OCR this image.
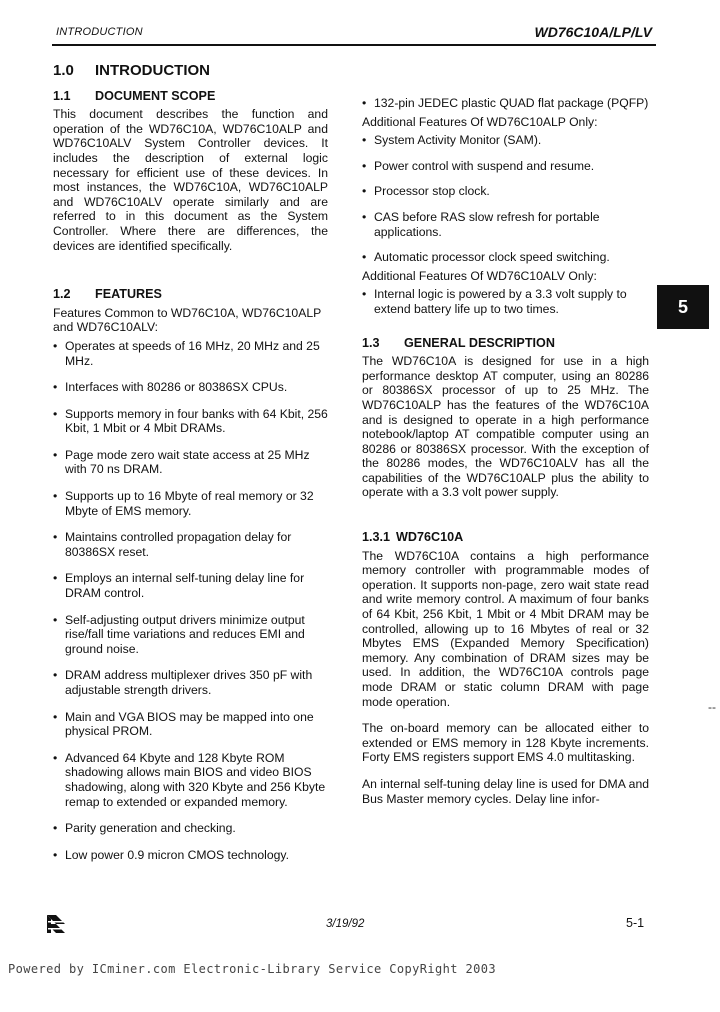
INTRODUCTION	WD76C10A/LP/LV
1.0 INTRODUCTION
1.1 DOCUMENT SCOPE

This document describes the function and operation of the WD76C10A, WD76C10ALP and WD76C10ALV System Controller devices. It includes the description of external logic necessary for efficient use of these devices. In most instances, the WD76C10A, WD76C10ALP and WD76C10ALV operate similarly and are referred to in this document as the System Controller. Where there are differences, the devices are identified specifically.

1.2 FEATURES

Features Common to WD76C10A, WD76C10ALP and WD76C10ALV:

• Operates at speeds of 16 MHz, 20 MHz and 25 MHz.
• Interfaces with 80286 or 80386SX CPUs.
• Supports memory in four banks with 64 Kbit, 256 Kbit, 1 Mbit or 4 Mbit DRAMs.
• Page mode zero wait state access at 25 MHz with 70 ns DRAM.
• Supports up to 16 Mbyte of real memory or 32 Mbyte of EMS memory.
• Maintains controlled propagation delay for 80386SX reset.
• Employs an internal self-tuning delay line for DRAM control.
• Self-adjusting output drivers minimize output rise/fall time variations and reduces EMI and ground noise.
• DRAM address multiplexer drives 350 pF with adjustable strength drivers.
• Main and VGA BIOS may be mapped into one physical PROM.
• Advanced 64 Kbyte and 128 Kbyte ROM shadowing allows main BIOS and video BIOS shadowing, along with 320 Kbyte and 256 Kbyte remap to extended or expanded memory.
• Parity generation and checking.
• Low power 0.9 micron CMOS technology.
• 132-pin JEDEC plastic QUAD flat package (PQFP)

Additional Features Of WD76C10ALP Only:

• System Activity Monitor (SAM).
• Power control with suspend and resume.
• Processor stop clock.
• CAS before RAS slow refresh for portable applications.
• Automatic processor clock speed switching.

Additional Features Of WD76C10ALV Only:

• Internal logic is powered by a 3.3 volt supply to extend battery life up to two times.
1.3 GENERAL DESCRIPTION

The WD76C10A is designed for use in a high performance desktop AT computer, using an 80286 or 80386SX processor of up to 25 MHz. The WD76C10ALP has the features of the WD76C10A and is designed to operate in a high performance notebook/laptop AT compatible computer using an 80286 or 80386SX processor. With the exception of the 80286 modes, the WD76C10ALV has all the capabilities of the WD76C10ALP plus the ability to operate with a 3.3 volt power supply.

1.3.1 WD76C10A

The WD76C10A contains a high performance memory controller with programmable modes of operation. It supports non-page, zero wait state read and write memory control. A maximum of four banks of 64 Kbit, 256 Kbit, 1 Mbit or 4 Mbit DRAM may be controlled, allowing up to 16 Mbytes of real or 32 Mbytes EMS (Expanded Memory Specification) memory. Any combination of DRAM sizes may be used. In addition, the WD76C10A controls page mode DRAM or static column DRAM with page mode operation.

The on-board memory can be allocated either to extended or EMS memory in 128 Kbyte increments. Forty EMS registers support EMS 4.0 multitasking.

An internal self-tuning delay line is used for DMA and Bus Master memory cycles. Delay line infor-

5
--
3/19/92	5-1
Powered by ICminer.com Electronic-Library Service CopyRight 2003
